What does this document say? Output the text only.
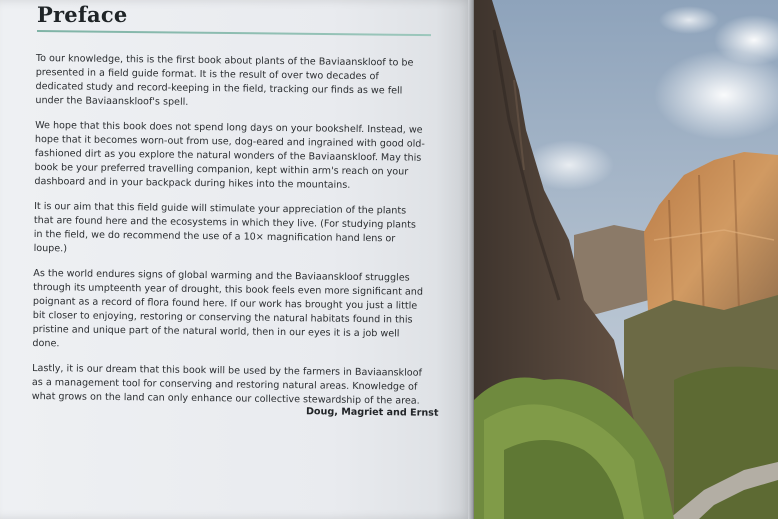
Preface

To our knowledge, this is the first book about plants of the Baviaanskloof to be presented in a field guide format. It is the result of over two decades of dedicated study and record-keeping in the field, tracking our finds as we fell under the Baviaanskloof's spell.

We hope that this book does not spend long days on your bookshelf. Instead, we hope that it becomes worn-out from use, dog-eared and ingrained with good old-fashioned dirt as you explore the natural wonders of the Baviaanskloof. May this book be your preferred travelling companion, kept within arm's reach on your dashboard and in your backpack during hikes into the mountains.

It is our aim that this field guide will stimulate your appreciation of the plants that are found here and the ecosystems in which they live. (For studying plants in the field, we do recommend the use of a 10× magnification hand lens or loupe.)

As the world endures signs of global warming and the Baviaanskloof struggles through its umpteenth year of drought, this book feels even more significant and poignant as a record of flora found here. If our work has brought you just a little bit closer to enjoying, restoring or conserving the natural habitats found in this pristine and unique part of the natural world, then in our eyes it is a job well done.

Lastly, it is our dream that this book will be used by the farmers in Baviaanskloof as a management tool for conserving and restoring natural areas. Knowledge of what grows on the land can only enhance our collective stewardship of the area.

Doug, Magriet and Ernst
